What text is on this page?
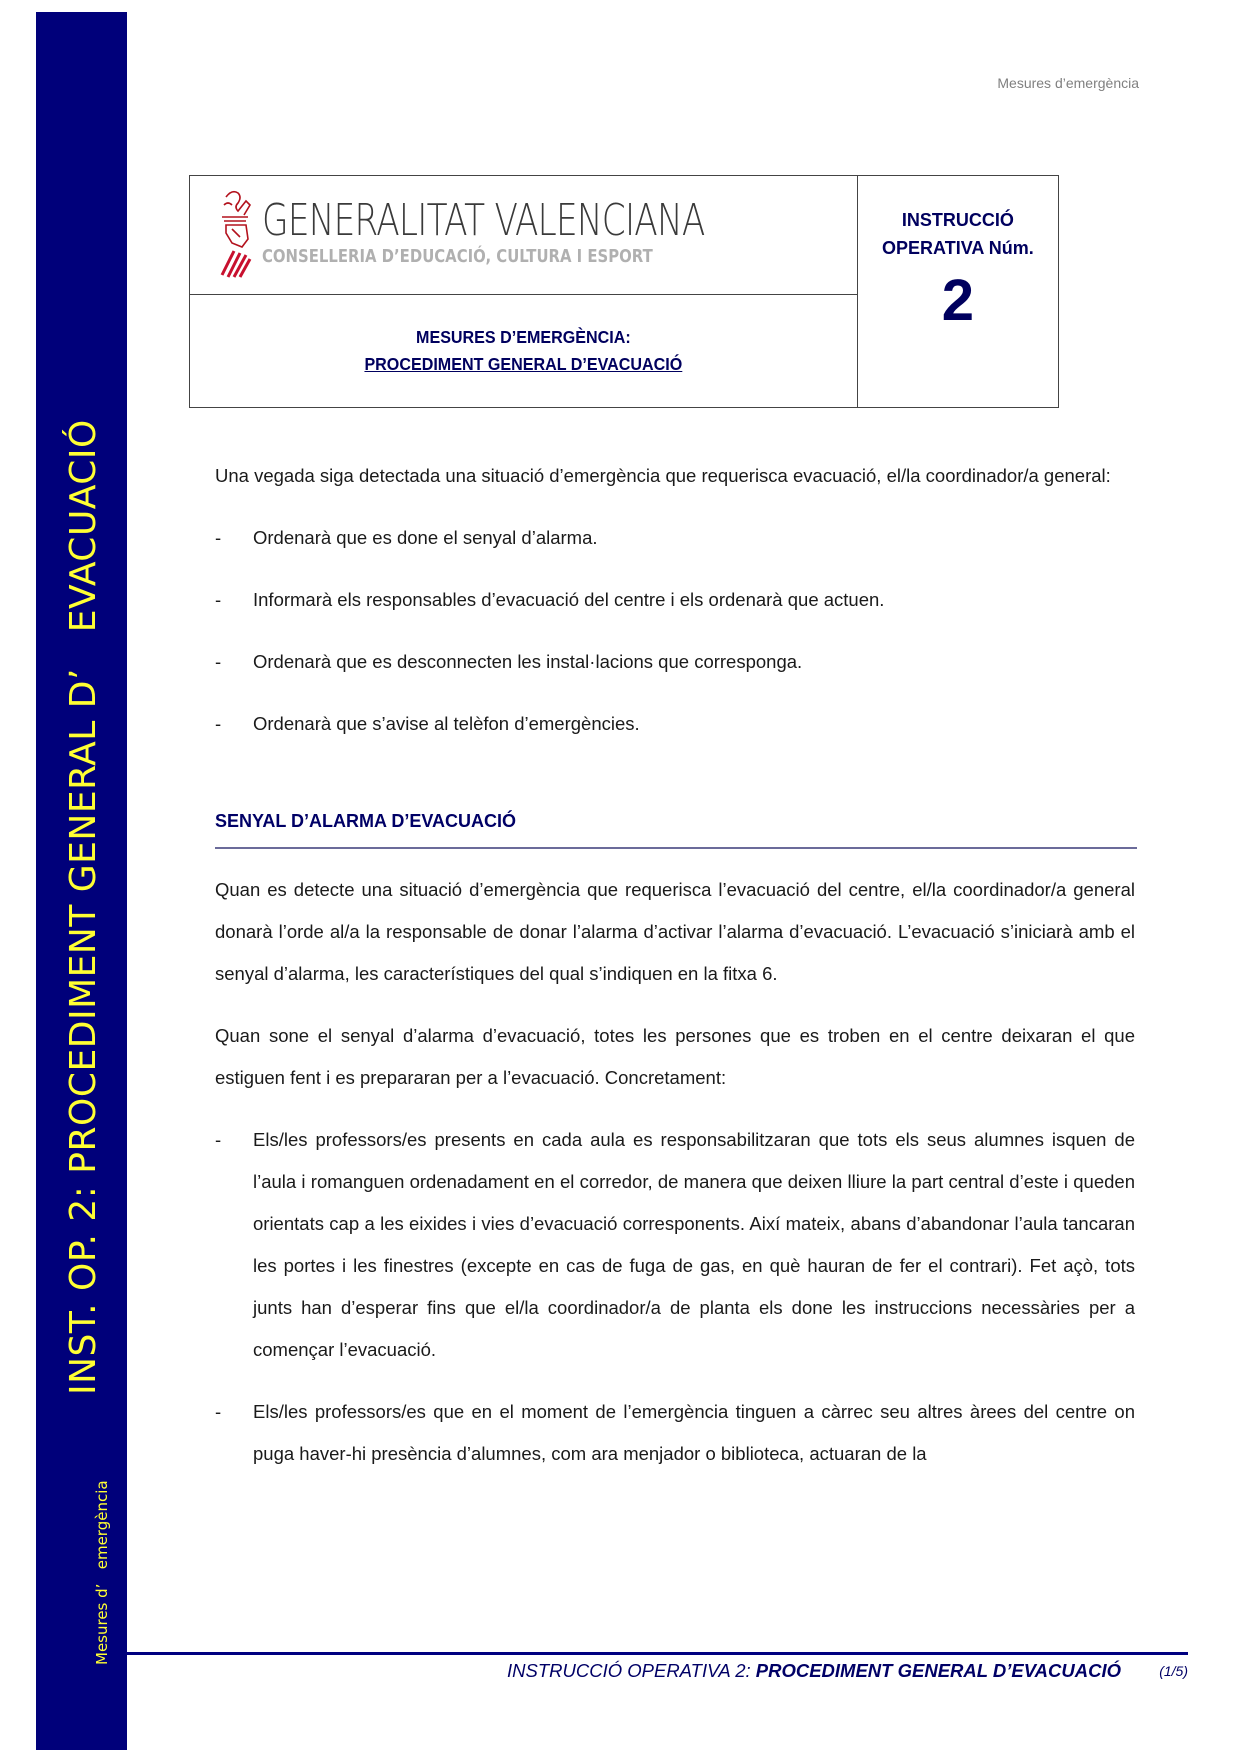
INST. OP. 2: PROCEDIMENT GENERAL D’   EVACUACIÓ
Mesures d’   emergència
Mesures d’emergència
GENERALITAT VALENCIANA
CONSELLERIA D’EDUCACIÓ, CULTURA I ESPORT

INSTRUCCIÓ
OPERATIVA Núm.
2

MESURES D’EMERGÈNCIA:
PROCEDIMENT GENERAL D’EVACUACIÓ

Una vegada siga detectada una situació d’emergència que requerisca evacuació, el/la coordinador/a general:

- Ordenarà que es done el senyal d’alarma.
- Informarà els responsables d’evacuació del centre i els ordenarà que actuen.
- Ordenarà que es desconnecten les instal·lacions que corresponga.
- Ordenarà que s’avise al telèfon d’emergències.
SENYAL D’ALARMA D’EVACUACIÓ

Quan es detecte una situació d’emergència que requerisca l’evacuació del centre, el/la coordinador/a general donarà l’orde al/a la responsable de donar l’alarma d’activar l’alarma d’evacuació. L’evacuació s’iniciarà amb el senyal d’alarma, les característiques del qual s’indiquen en la fitxa 6.

Quan sone el senyal d’alarma d’evacuació, totes les persones que es troben en el centre deixaran el que estiguen fent i es prepararan per a l’evacuació. Concretament:

- Els/les professors/es presents en cada aula es responsabilitzaran que tots els seus alumnes isquen de l’aula i romanguen ordenadament en el corredor, de manera que deixen lliure la part central d’este i queden orientats cap a les eixides i vies d’evacuació corresponents. Així mateix, abans d’abandonar l’aula tancaran les portes i les finestres (excepte en cas de fuga de gas, en què hauran de fer el contrari). Fet açò, tots junts han d’esperar fins que el/la coordinador/a de planta els done les instruccions necessàries per a començar l’evacuació.
- Els/les professors/es que en el moment de l’emergència tinguen a càrrec seu altres àrees del centre on puga haver-hi presència d’alumnes, com ara menjador o biblioteca, actuaran de la
INSTRUCCIÓ OPERATIVA 2: PROCEDIMENT GENERAL D’EVACUACIÓ	(1/5)
